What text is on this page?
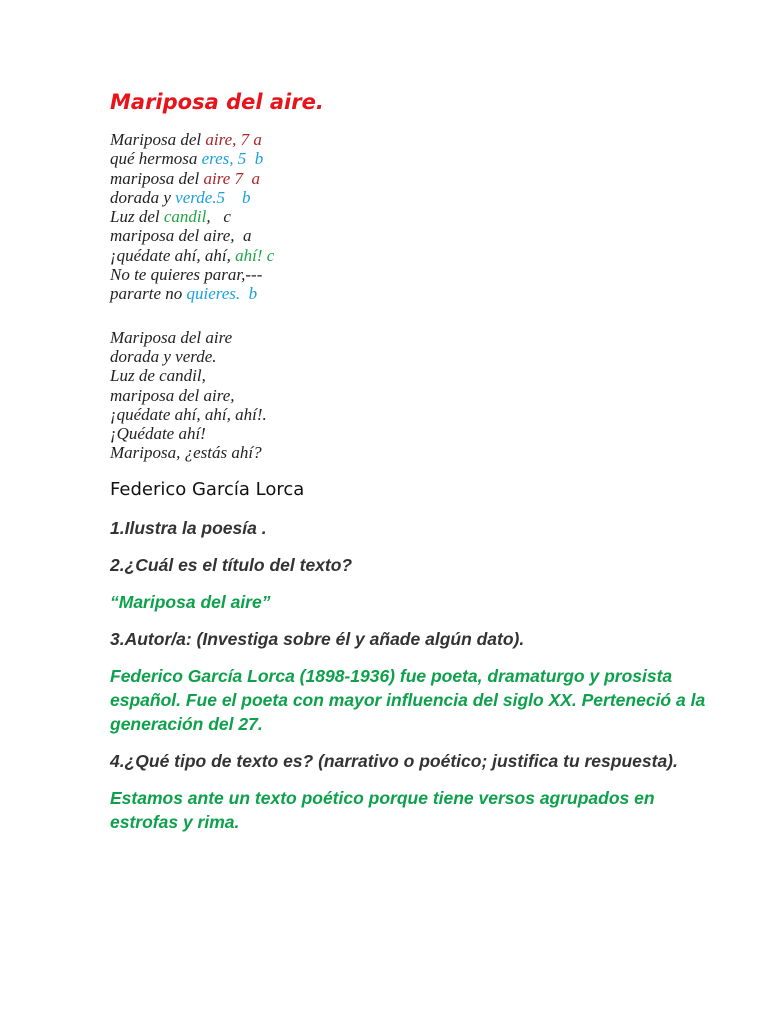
Mariposa del aire.
Mariposa del aire, 7 a
qué hermosa eres, 5  b
mariposa del aire 7  a
dorada y verde.5    b
Luz del candil,   c
mariposa del aire,  a
¡quédate ahí, ahí, ahí! c
No te quieres parar,---
pararte no quieres.  b
Mariposa del aire
dorada y verde.
Luz de candil,
mariposa del aire,
¡quédate ahí, ahí, ahí!.
¡Quédate ahí!
Mariposa, ¿estás ahí?
Federico García Lorca
1.Ilustra la poesía .
2.¿Cuál es el título del texto?
“Mariposa del aire”
3.Autor/a: (Investiga sobre él y añade algún dato).
Federico García Lorca (1898-1936) fue poeta, dramaturgo y prosista español. Fue el poeta con mayor influencia del siglo XX. Perteneció a la generación del 27.
4.¿Qué tipo de texto es? (narrativo o poético; justifica tu respuesta).
Estamos ante un texto poético porque tiene versos agrupados en estrofas y rima.
